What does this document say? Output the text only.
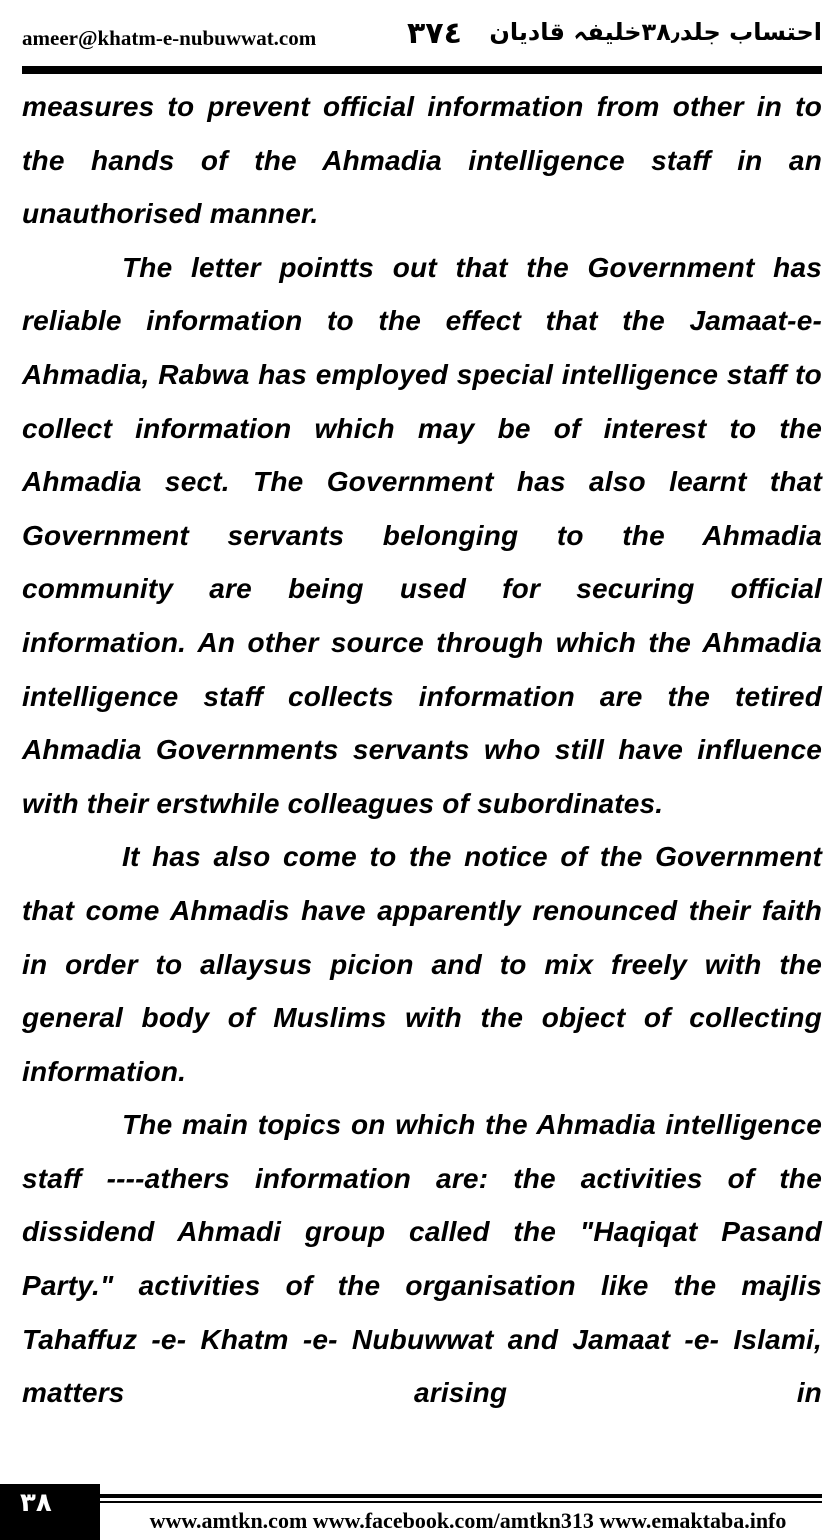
ameer@khatm-e-nubuwwat.com	٣٧٤ احتساب جلد۳۸٫خلیفہ قادیان

measures to prevent official information from other in to the hands of the Ahmadia intelligence staff in an unauthorised manner.

The letter pointts out that the Government has reliable information to the effect that the Jamaat-e- Ahmadia, Rabwa has employed special intelligence staff to collect information which may be of interest to the Ahmadia sect. The Government has also learnt that Government servants belonging to the Ahmadia community are being used for securing official information. An other source through which the Ahmadia intelligence staff collects information are the tetired Ahmadia Governments servants who still have influence with their erstwhile colleagues of subordinates.

It has also come to the notice of the Government that come Ahmadis have apparently renounced their faith in order to allaysus picion and to mix freely with the general body of Muslims with the object of collecting information.

The main topics on which the Ahmadia intelligence staff ----athers information are: the activities of the dissidend Ahmadi group called the "Haqiqat Pasand Party." activities of the organisation like the majlis Tahaffuz -e- Khatm -e- Nubuwwat and Jamaat -e- Islami, matters arising in

۳۸
www.amtkn.com www.facebook.com/amtkn313 www.emaktaba.info
